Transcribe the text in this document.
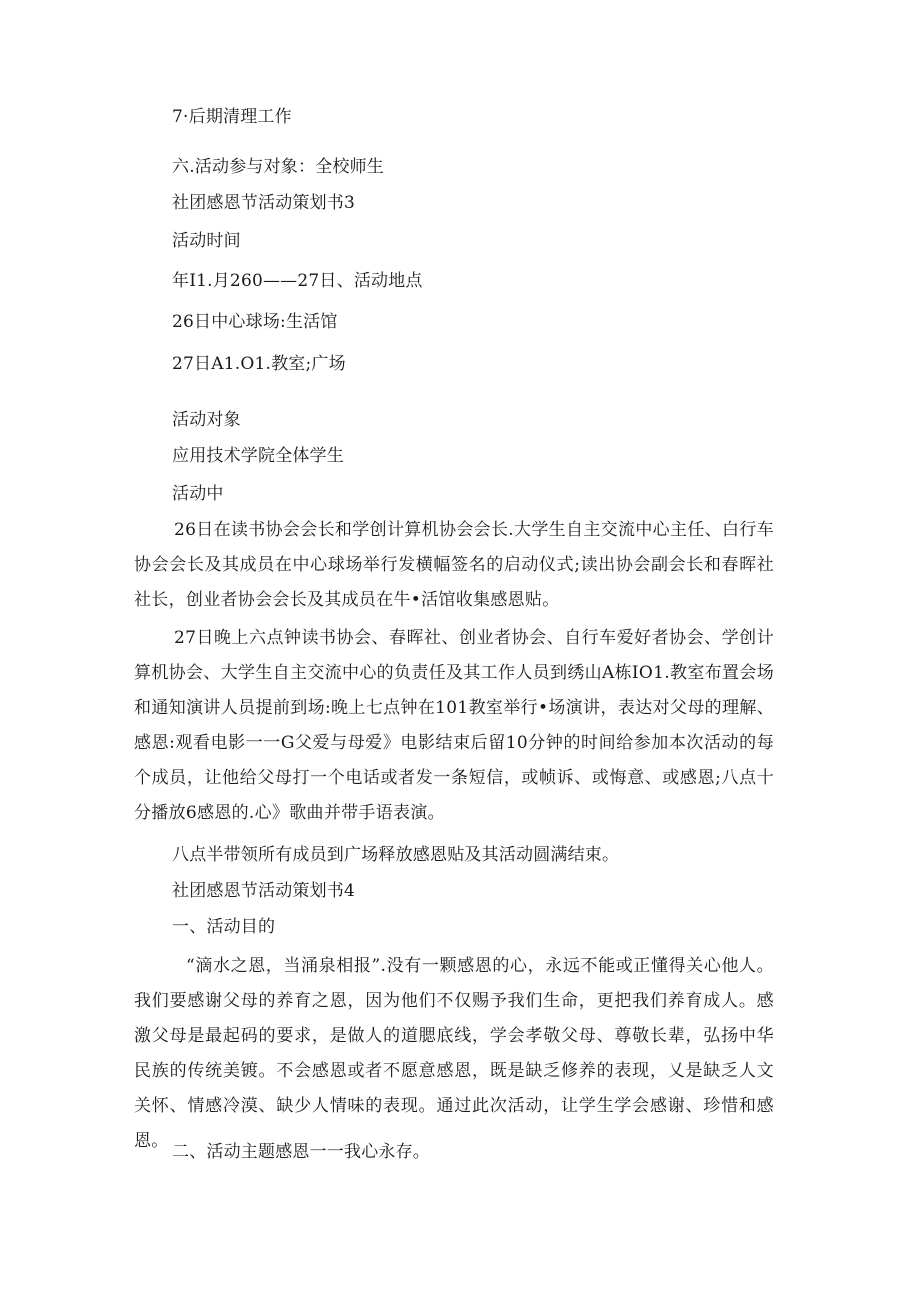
7·后期清理工作
六.活动参与对象：全校师生
社团感恩节活动策划书3
活动时间
年I1.月260——27日、活动地点
26日中心球场:生活馆
27日A1.O1.教室;广场
活动对象
应用技术学院全体学生
活动中

26日在读书协会会长和学创计算机协会会长.大学生自主交流中心主任、白行车协会会长及其成员在中心球场举行发横幅签名的启动仪式;读出协会副会长和春晖社社长，创业者协会会长及其成员在牛•活馆收集感恩贴。

27日晚上六点钟读书协会、春晖社、创业者协会、自行车爱好者协会、学创计算机协会、大学生自主交流中心的负责任及其工作人员到绣山A栋IO1.教室布置会场和通知演讲人员提前到场:晚上七点钟在101教室举行•场演讲，表达对父母的理解、感恩:观看电影一一G父爱与母爱》电影结束后留10分钟的时间给参加本次活动的每个成员，让他给父母打一个电话或者发一条短信，或帧诉、或悔意、或感恩;八点十分播放6感恩的.心》歌曲并带手语表演。

八点半带领所有成员到广场释放感恩贴及其活动圆满结束。
社团感恩节活动策划书4
一、活动目的

“滴水之恩，当涌泉相报”.没有一颗感恩的心，永远不能或正懂得关心他人。我们要感谢父母的养育之恩，因为他们不仅赐予我们生命，更把我们养育成人。感激父母是最起码的要求，是做人的道腮底线，学会孝敬父母、尊敬长辈，弘扬中华民族的传统美镀。不会感恩或者不愿意感恩，既是缺乏修养的表现，乂是缺乏人文关怀、情感冷漠、缺少人情味的表现。通过此次活动，让学生学会感谢、珍惜和感恩。

二、活动主题感恩一一我心永存。
